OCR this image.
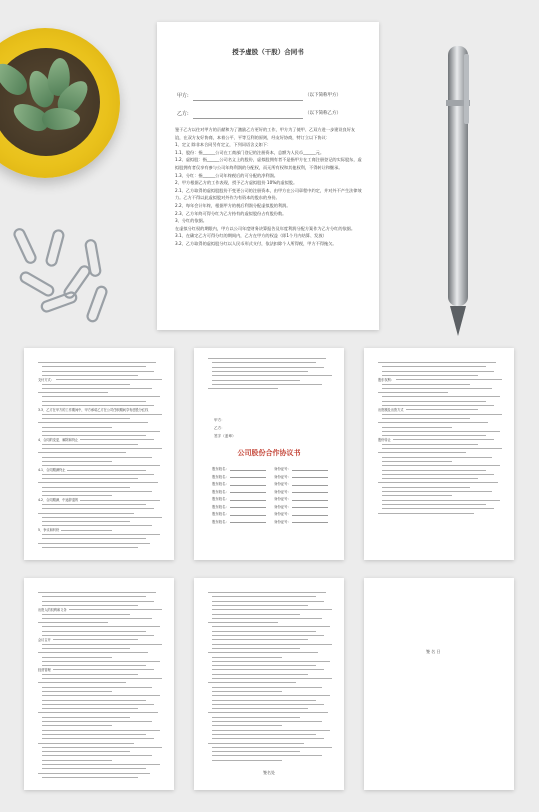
授予虚股（干股）合同书
甲方:	（以下简称甲方）
乙方:	（以下简称乙方）
鉴于乙方以往对甲方的贡献和为了激励乙方更好的工作，甲方为了使甲、乙双方进一步建设良好友谊，在双方友好协商，本着公平、平等互利的原则，经友好协商，特订立以下协议：
1、定义 除非本合同另有定义，下列词语含义如下：
1.1、股份：指______公司在工商部门登记的注册资本，总额为人民币______元。
1.2、虚拟股：指______公司名义上的股份，虚拟股拥有者不是指甲方在工商注册登记的实际股东，虚拟股拥有者仅享有参与公司年终利润的分配权，而无所有权和其他权利，不得转让和继承。
1.3、分红：指______公司年终税后的可分配的净利润。
2、甲方根据乙方的工作表现，授予乙方虚拟股份 10%的虚拟股。
2.1、乙方取得的虚拟股股份不变更公司的注册资本，由甲方在公司章程中约定，并对外不产生法律效力。乙方不得以此虚拟股对外作为有资本的股东的身份。
2.2、每年会计年终，根据甲方的税后利润分配虚拟股的利润。
2.3、乙方年终可得分红为乙方持有的虚拟股份占有股份数。
3、分红的依据。
在虚拟分红权的期限内，甲方以公司年度财务决算报告及年度利润分配方案作为乙方分红的依据。
3.1、在确定乙方可得分红的期间内，乙方在甲方的权益（即1个月内结算、发放）
3.2、乙方取得的虚拟股分红以人民币形式支付，依法扣除个人所得税，甲方不得拖欠。
支付方式：
3.3、乙方在甲方的工作期间中，甲方承诺乙方在公司任职期间享有虚股分红权
4、合同的变更、解除和终止
4.1、合同期满终止
4.2、合同期满、中途辞退的
5、争议和纠纷
公司股份合作协议书
甲方：
乙方：
签字（盖章）
股东姓名：	身份证号：
股东姓名：	身份证号：
股东姓名：	身份证号：
股东姓名：	身份证号：
股东姓名：	身份证号：
股东姓名：	身份证号：
股东姓名：	身份证号：
股东姓名：	身份证号：
股东权利：
出资额及出资方式
股份转让
出资人的权利和义务
会议召开
经营管理
签名处
签 名 日
